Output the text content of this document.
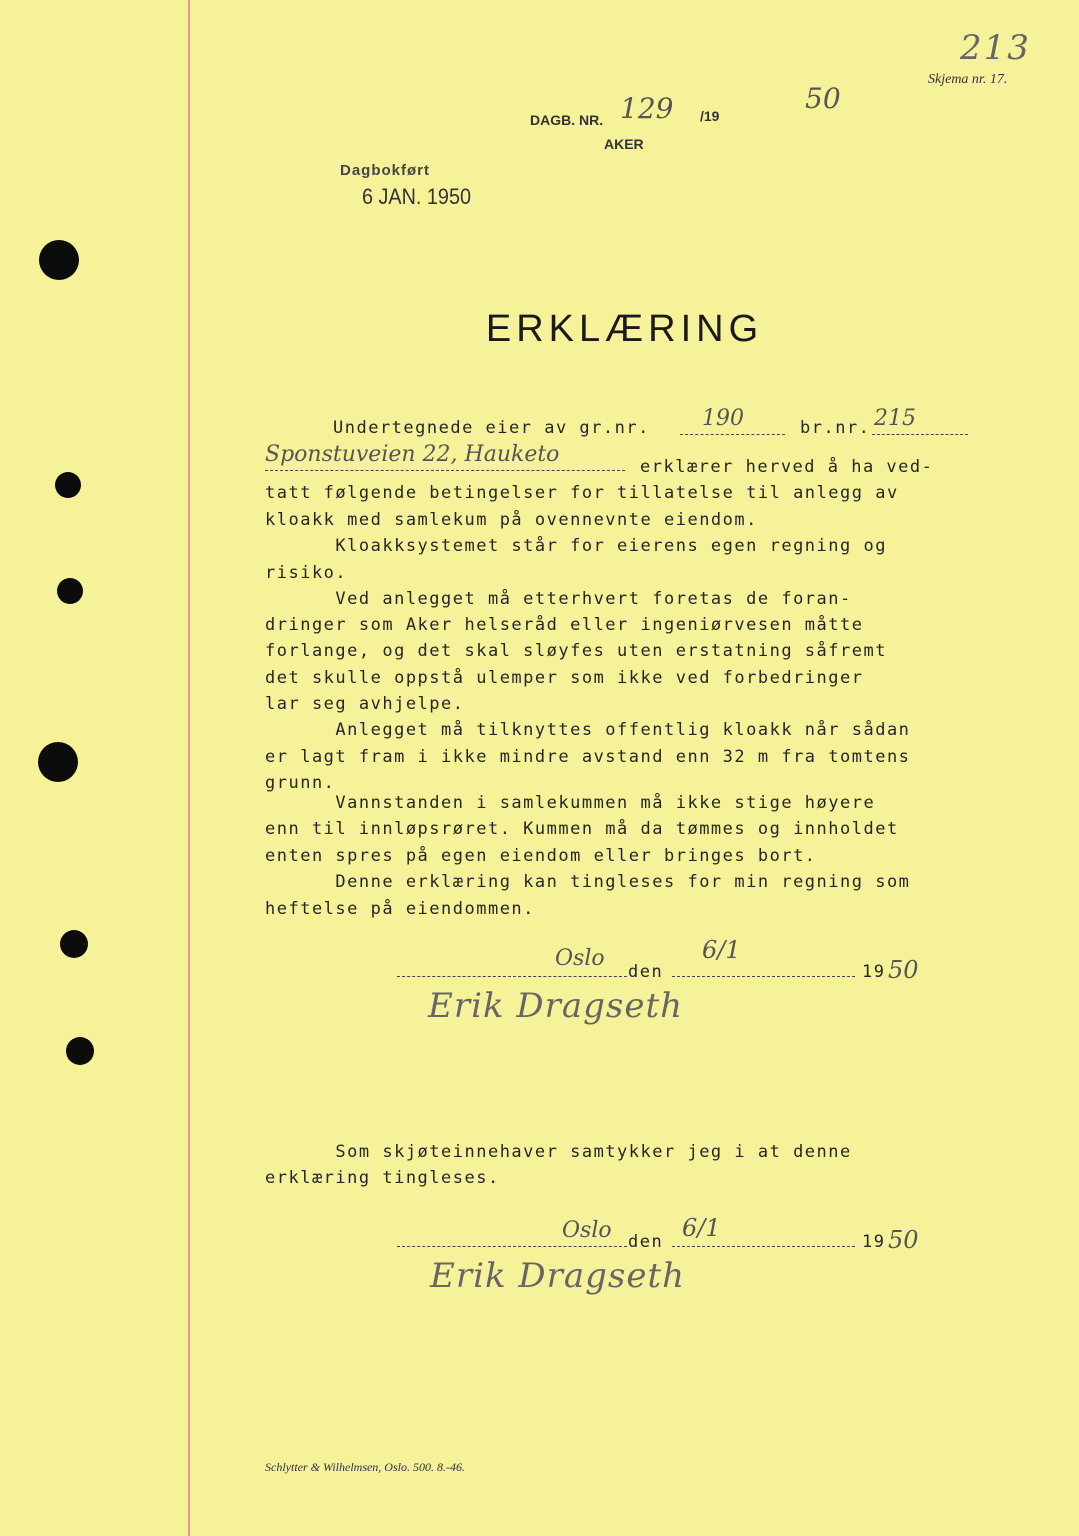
213
Skjema nr. 17.
DAGB. NR. 129 /19
50
AKER
Dagbokført
6 JAN. 1950
ERKLÆRING
Undertegnede eier av gr.nr. 190	br.nr. 215
Sponstuveien 22, Hauketo	erklærer herved å ha ved-
tatt følgende betingelser for tillatelse til anlegg av
kloakk med samlekum på ovennevnte eiendom.
Kloakksystemet står for eierens egen regning og
risiko.
Ved anlegget må etterhvert foretas de foran-
dringer som Aker helseråd eller ingeniørvesen måtte
forlange, og det skal sløyfes uten erstatning såfremt
det skulle oppstå ulemper som ikke ved forbedringer
lar seg avhjelpe.
Anlegget må tilknyttes offentlig kloakk når sådan
er lagt fram i ikke mindre avstand enn 32 m fra tomtens
grunn.
Vannstanden i samlekummen må ikke stige høyere
enn til innløpsrøret. Kummen må da tømmes og innholdet
enten spres på egen eiendom eller bringes bort.
Denne erklæring kan tingleses for min regning som
heftelse på eiendommen.
Oslo
den
6/1
19 50
Erik Dragseth
Som skjøteinnehaver samtykker jeg i at denne
erklæring tingleses.
Oslo den 6/1	19 50
Erik Dragseth
Schlytter & Wilhelmsen, Oslo. 500. 8.-46.
